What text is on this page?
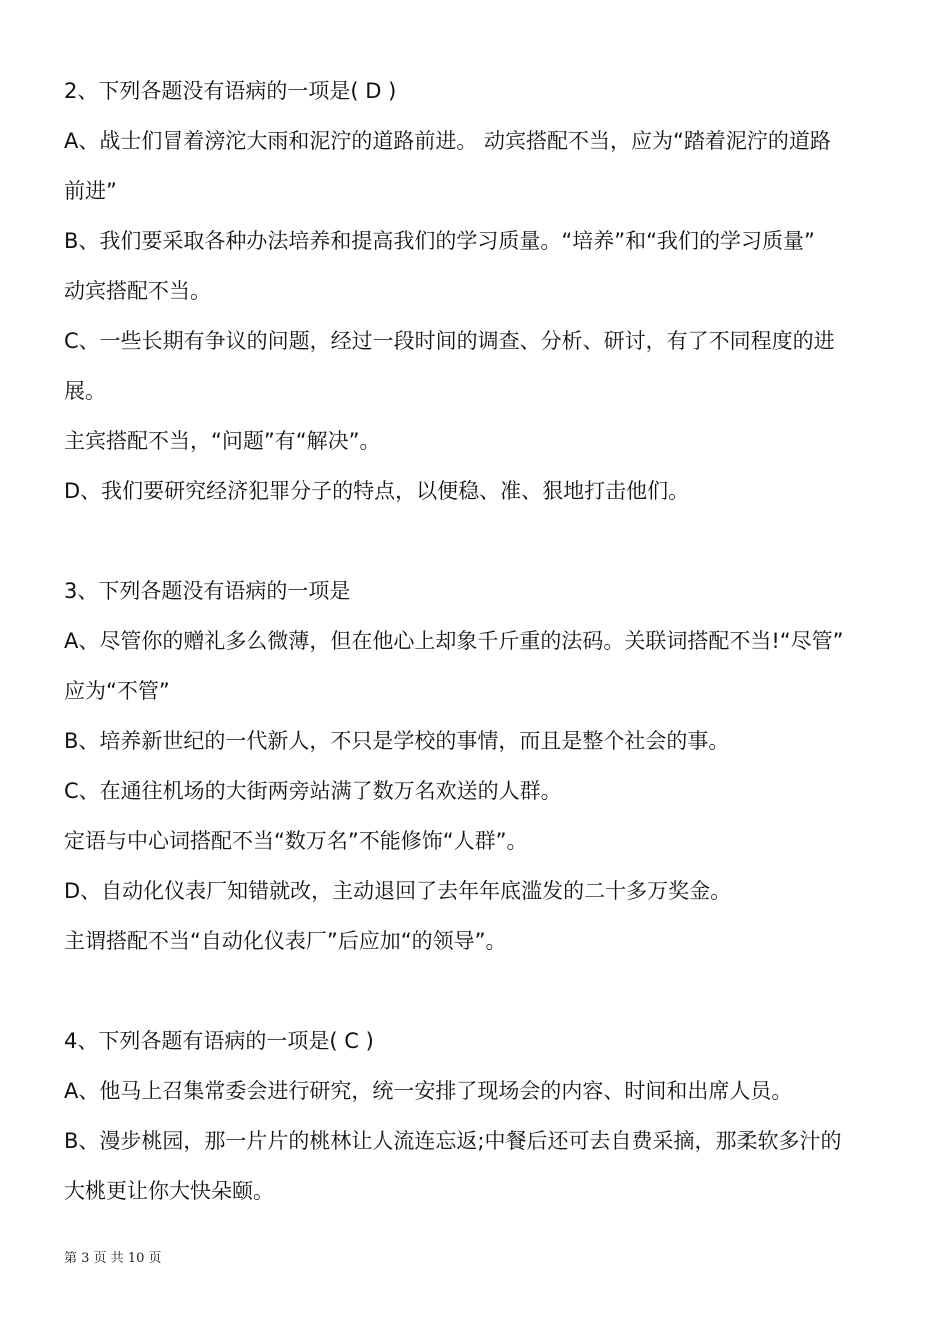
2、下列各题没有语病的一项是( D )
A、战士们冒着滂沱大雨和泥泞的道路前进。 动宾搭配不当，应为“踏着泥泞的道路
前进”
B、我们要采取各种办法培养和提高我们的学习质量。“培养”和“我们的学习质量”
动宾搭配不当。
C、一些长期有争议的问题，经过一段时间的调查、分析、研讨，有了不同程度的进
展。
主宾搭配不当，“问题”有“解决”。
D、我们要研究经济犯罪分子的特点，以便稳、准、狠地打击他们。
3、下列各题没有语病的一项是
A、尽管你的赠礼多么微薄，但在他心上却象千斤重的法码。关联词搭配不当!“尽管”
应为“不管”
B、培养新世纪的一代新人，不只是学校的事情，而且是整个社会的事。
C、在通往机场的大街两旁站满了数万名欢送的人群。
定语与中心词搭配不当“数万名”不能修饰“人群”。
D、自动化仪表厂知错就改，主动退回了去年年底滥发的二十多万奖金。
主谓搭配不当“自动化仪表厂”后应加“的领导”。
4、下列各题有语病的一项是( C )
A、他马上召集常委会进行研究，统一安排了现场会的内容、时间和出席人员。
B、漫步桃园，那一片片的桃林让人流连忘返;中餐后还可去自费采摘，那柔软多汁的
大桃更让你大快朵颐。
第 3 页 共 10 页
